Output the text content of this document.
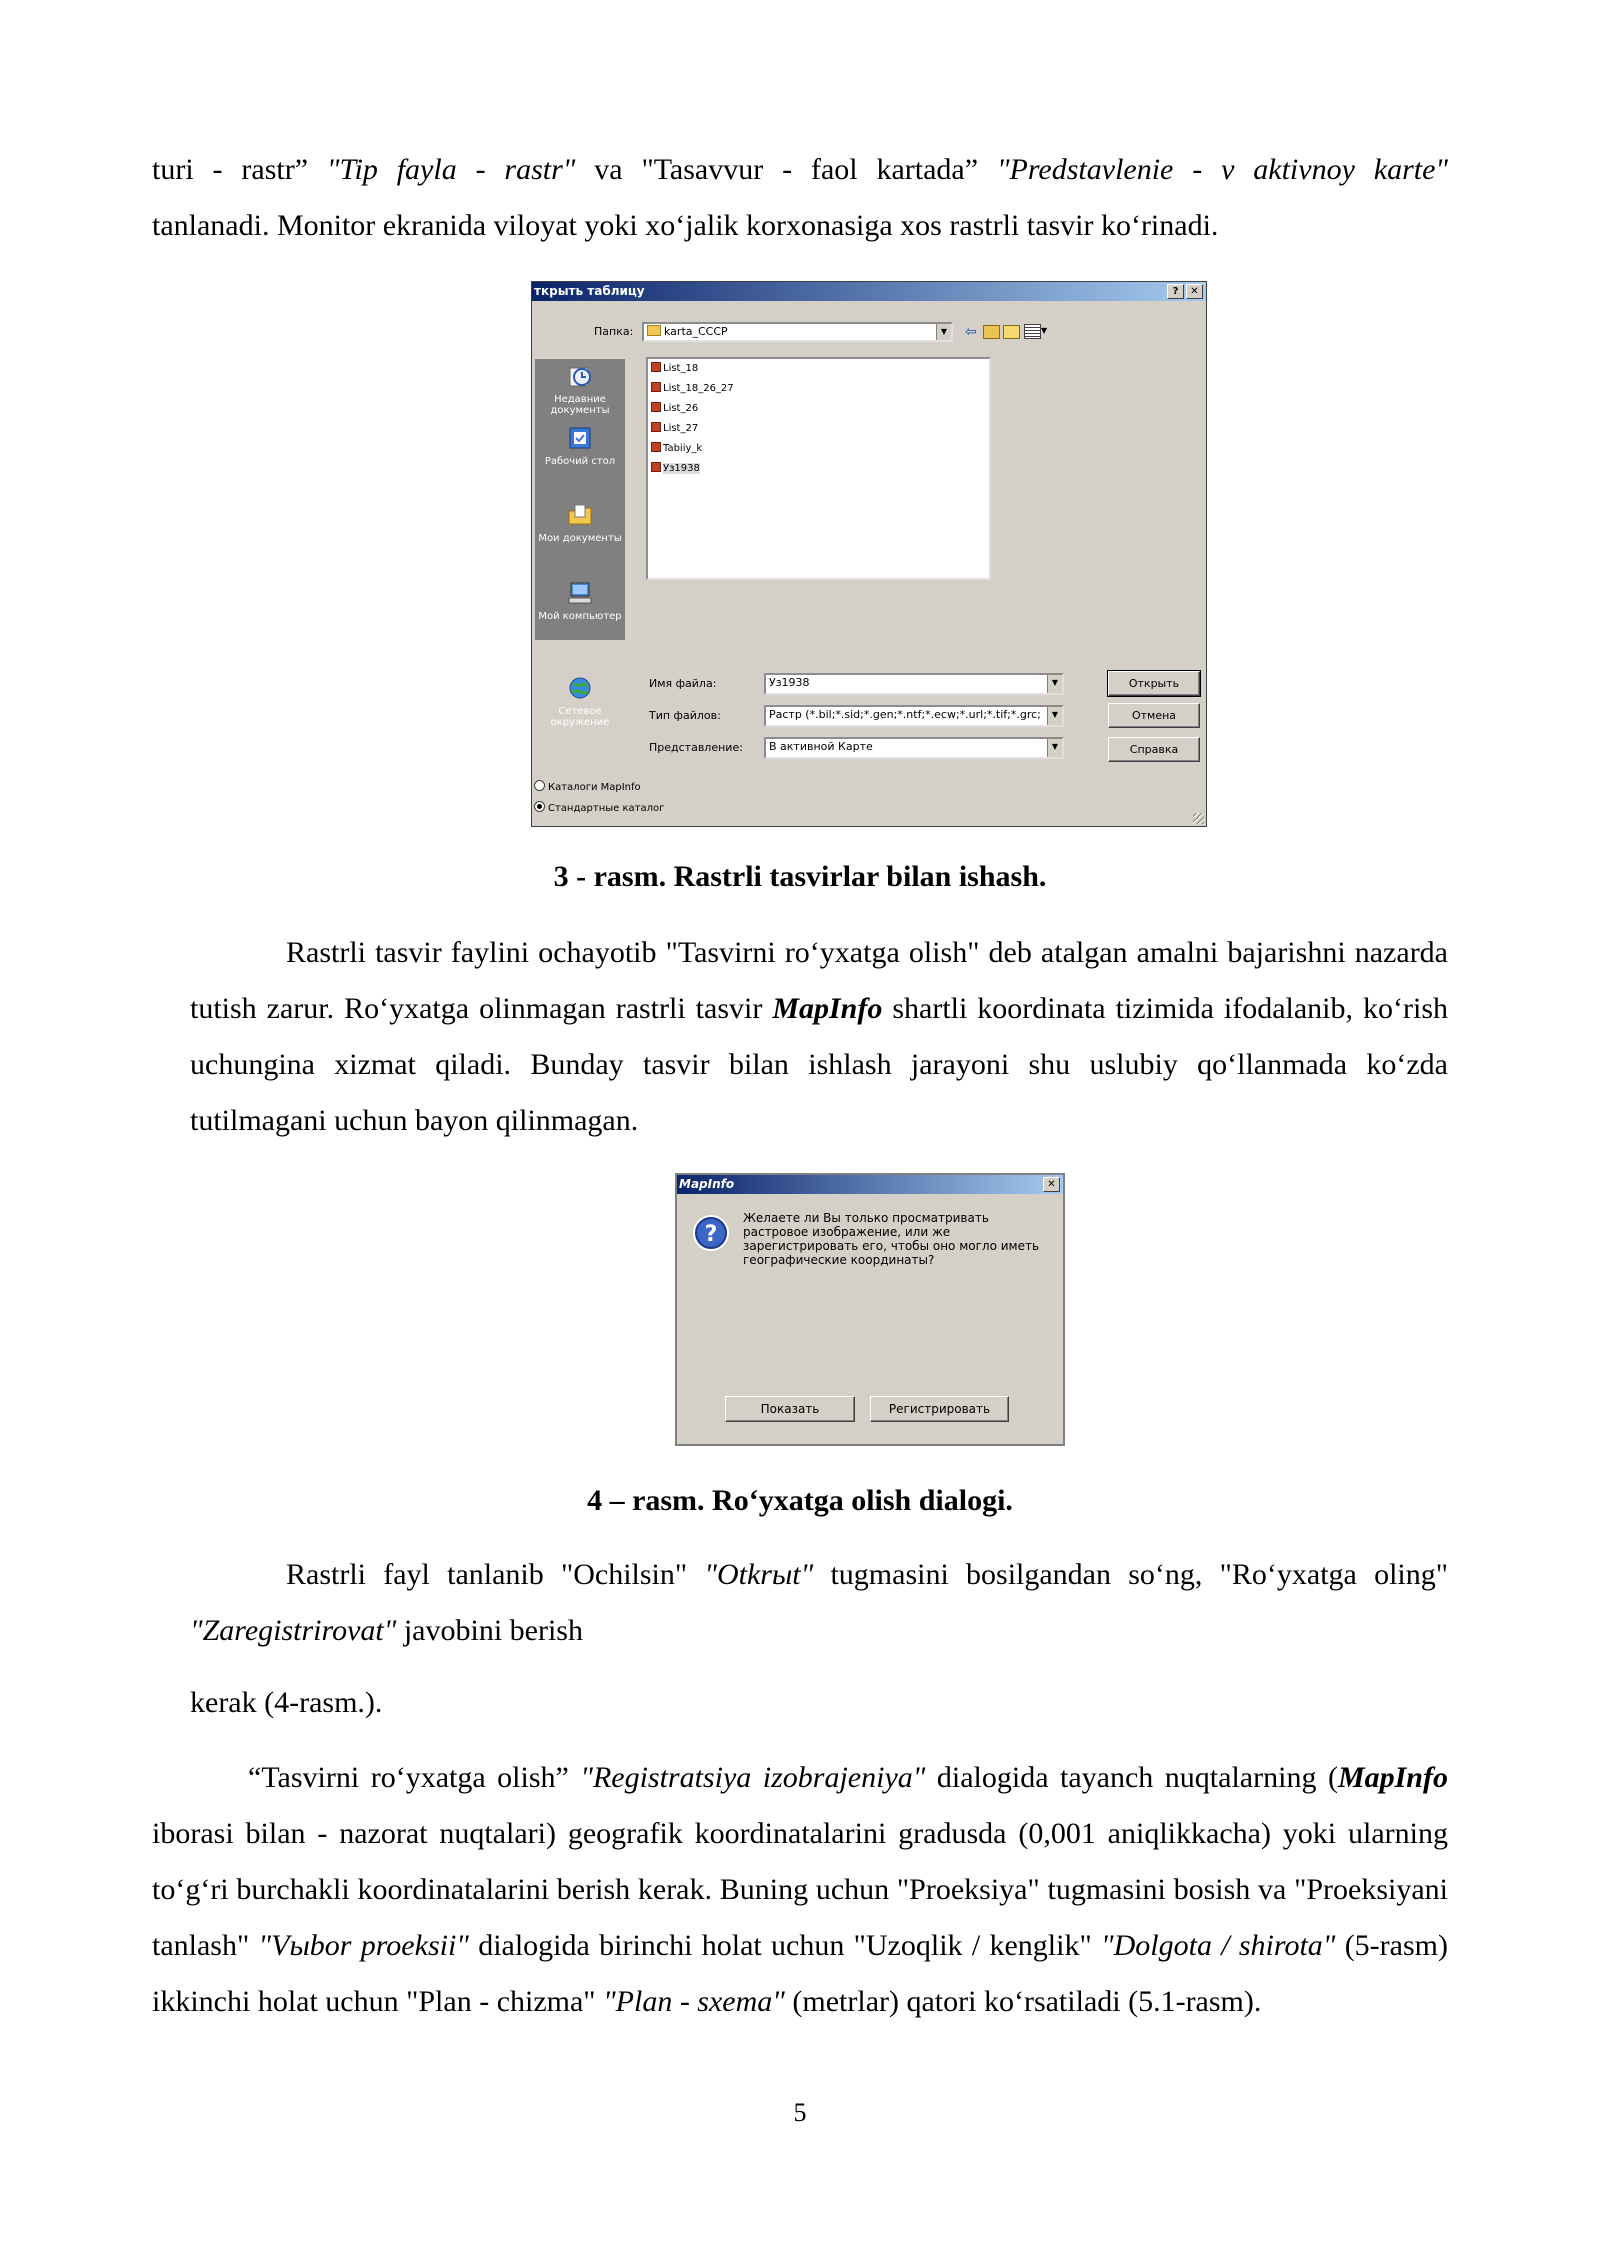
turi - rastr” "Tip fayla - rastr" va "Tasavvur - faol kartada” "Predstavlenie - v aktivnoy karte"

tanlanadi. Monitor ekranida viloyat yoki xo‘jalik korxonasiga xos rastrli tasvir ko‘rinadi.

ткрыть таблицу	?	✕
Папка:	karta_CCCP	▼ ⇦	▼
Недавние документы
Рабочий стол
Мои документы
Мой компьютер
Сетевое окружение
List_18
List_18_26_27
List_26
List_27
Tabiiy_k
Уз1938
Имя файла:	Уз1938	▼
Тип файлов:	Растр (*.bil;*.sid;*.gen;*.ntf;*.ecw;*.url;*.tif;*.grc;	▼
Представление:	В активной Карте	▼
Открыть
Отмена
Справка
Каталоги MapInfo
Стандартные каталог

3 - rasm. Rastrli tasvirlar bilan ishash.

Rastrli tasvir faylini ochayotib "Tasvirni ro‘yxatga olish" deb atalgan amalni bajarishni nazarda tutish zarur. Ro‘yxatga olinmagan rastrli tasvir MapInfo shartli koordinata tizimida ifodalanib, ko‘rish uchungina xizmat qiladi. Bunday tasvir bilan ishlash jarayoni shu uslubiy qo‘llanmada ko‘zda tutilmagani uchun bayon qilinmagan.

MapInfo	✕
?
Желаете ли Вы только просматривать растровое изображение, или же зарегистрировать его, чтобы оно могло иметь географические координаты?
Показать	Регистрировать

4 – rasm. Ro‘yxatga olish dialogi.

Rastrli fayl tanlanib "Ochilsin" "Otkrыt" tugmasini bosilgandan so‘ng, "Ro‘yxatga oling" "Zaregistrirovat" javobini berish

kerak (4-rasm.).

“Tasvirni ro‘yxatga olish” "Registratsiya izobrajeniya" dialogida tayanch nuqtalarning (MapInfo iborasi bilan - nazorat nuqtalari) geografik koordinatalarini gradusda (0,001 aniqlikkacha) yoki ularning to‘g‘ri burchakli koordinatalarini berish kerak. Buning uchun "Proeksiya" tugmasini bosish va "Proeksiyani tanlash" "Vыbor proeksii" dialogida birinchi holat uchun "Uzoqlik / kenglik" "Dolgota / shirota" (5-rasm) ikkinchi holat uchun "Plan - chizma" "Plan - sxema" (metrlar) qatori ko‘rsatiladi (5.1-rasm).

5
